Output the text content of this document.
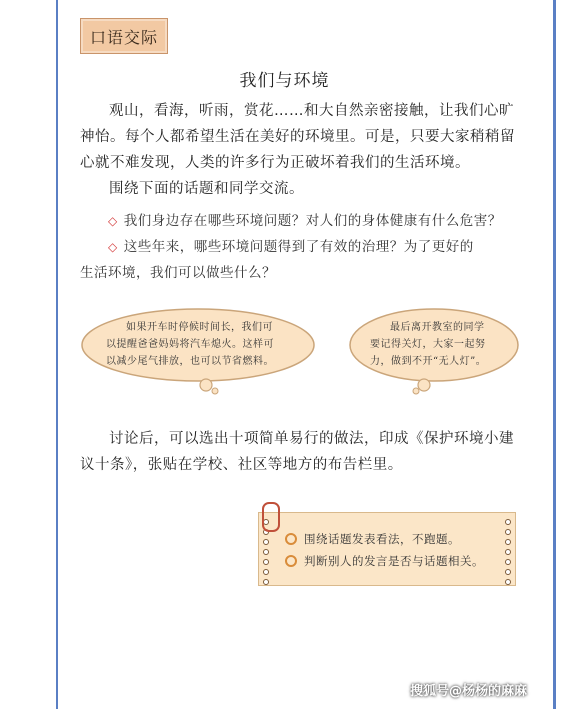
口语交际
我们与环境
观山，看海，听雨，赏花……和大自然亲密接触，让我们心旷
神怡。每个人都希望生活在美好的环境里。可是，只要大家稍稍留
心就不难发现，人类的许多行为正破坏着我们的生活环境。
围绕下面的话题和同学交流。
◇ 我们身边存在哪些环境问题？对人们的身体健康有什么危害？
◇ 这些年来，哪些环境问题得到了有效的治理？为了更好的
生活环境，我们可以做些什么？
如果开车时停候时间长，我们可
以提醒爸爸妈妈将汽车熄火。这样可
以减少尾气排放，也可以节省燃料。
最后离开教室的同学
要记得关灯，大家一起努
力，做到不开“无人灯”。
讨论后，可以选出十项简单易行的做法，印成《保护环境小建
议十条》，张贴在学校、社区等地方的布告栏里。
围绕话题发表看法，不跑题。
判断别人的发言是否与话题相关。
搜狐号@杨杨的麻麻
